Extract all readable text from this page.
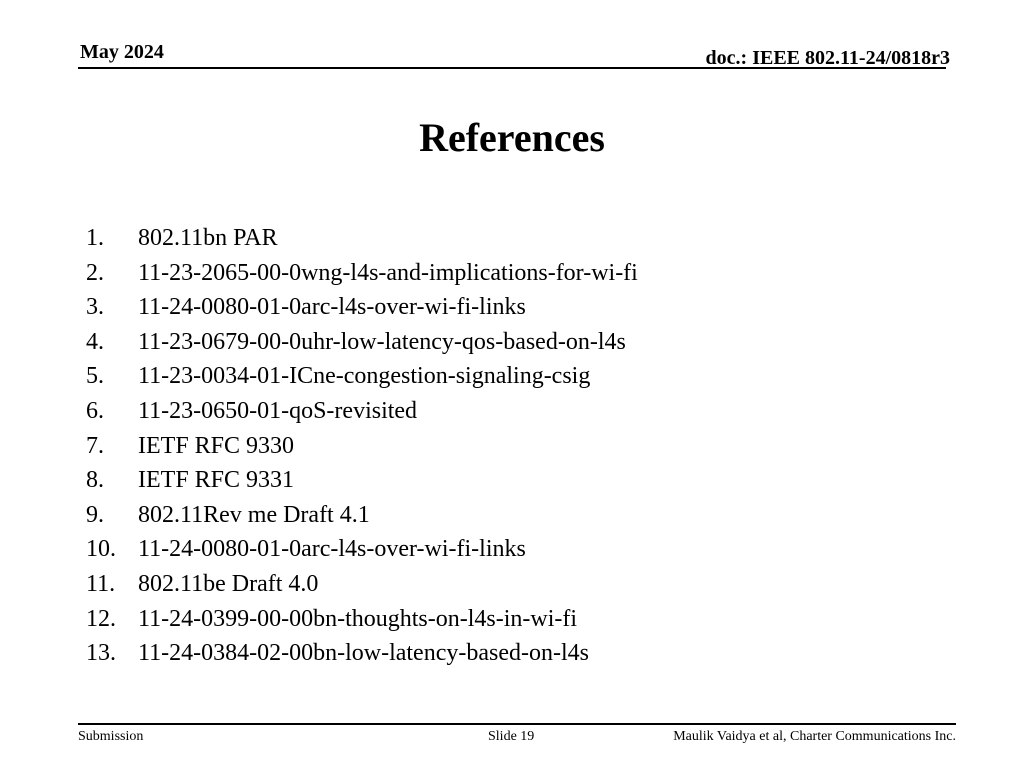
May 2024	doc.: IEEE 802.11-24/0818r3
References
1.	802.11bn PAR
2.	11-23-2065-00-0wng-l4s-and-implications-for-wi-fi
3.	11-24-0080-01-0arc-l4s-over-wi-fi-links
4.	11-23-0679-00-0uhr-low-latency-qos-based-on-l4s
5.	11-23-0034-01-ICne-congestion-signaling-csig
6.	11-23-0650-01-qoS-revisited
7.	IETF RFC 9330
8.	IETF RFC 9331
9.	802.11Rev me Draft 4.1
10. 11-24-0080-01-0arc-l4s-over-wi-fi-links
11. 802.11be Draft 4.0
12. 11-24-0399-00-00bn-thoughts-on-l4s-in-wi-fi
13. 11-24-0384-02-00bn-low-latency-based-on-l4s
Submission	Slide 19	Maulik Vaidya et al, Charter Communications Inc.
